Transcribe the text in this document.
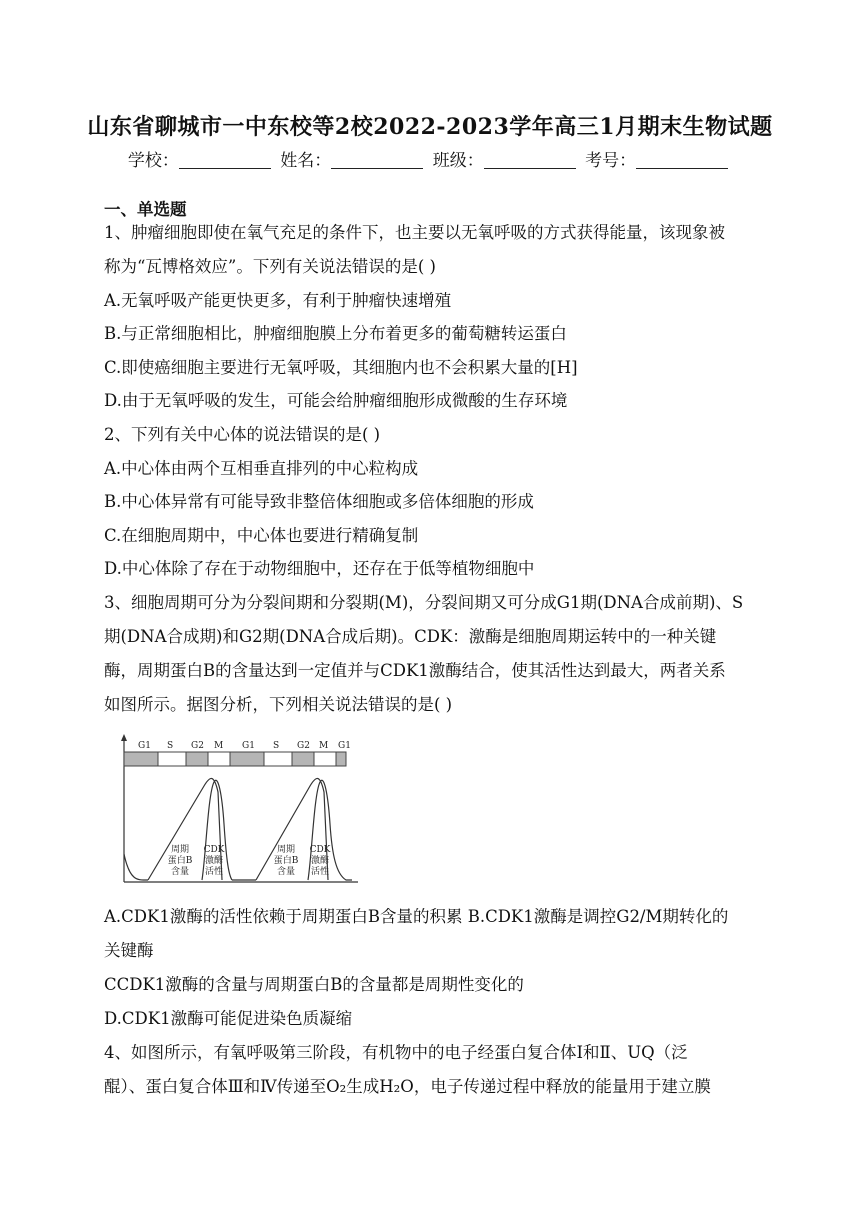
山东省聊城市一中东校等2校2022-2023学年高三1月期末生物试题
学校：	姓名：	班级：	考号：
一、单选题
1、肿瘤细胞即使在氧气充足的条件下，也主要以无氧呼吸的方式获得能量，该现象被
称为“瓦博格效应”。下列有关说法错误的是( )
A.无氧呼吸产能更快更多，有利于肿瘤快速增殖
B.与正常细胞相比，肿瘤细胞膜上分布着更多的葡萄糖转运蛋白
C.即使癌细胞主要进行无氧呼吸，其细胞内也不会积累大量的[H]
D.由于无氧呼吸的发生，可能会给肿瘤细胞形成微酸的生存环境
2、下列有关中心体的说法错误的是( )
A.中心体由两个互相垂直排列的中心粒构成
B.中心体异常有可能导致非整倍体细胞或多倍体细胞的形成
C.在细胞周期中，中心体也要进行精确复制
D.中心体除了存在于动物细胞中，还存在于低等植物细胞中
3、细胞周期可分为分裂间期和分裂期(M)，分裂间期又可分成G1期(DNA合成前期)、S
期(DNA合成期)和G2期(DNA合成后期)。CDK：激酶是细胞周期运转中的一种关键
酶，周期蛋白B的含量达到一定值并与CDK1激酶结合，使其活性达到最大，两者关系
如图所示。据图分析，下列相关说法错误的是( )
G1 S G2 M G1 S G2 M G1
周期
蛋白B
含量
CDK
激酶
活性
周期
蛋白B
含量
CDK
激酶
活性
A.CDK1激酶的活性依赖于周期蛋白B含量的积累 B.CDK1激酶是调控G2/M期转化的
关键酶
CCDK1激酶的含量与周期蛋白B的含量都是周期性变化的
D.CDK1激酶可能促进染色质凝缩
4、如图所示，有氧呼吸第三阶段，有机物中的电子经蛋白复合体Ⅰ和Ⅱ、UQ（泛
醌）、蛋白复合体Ⅲ和Ⅳ传递至O₂生成H₂O，电子传递过程中释放的能量用于建立膜
